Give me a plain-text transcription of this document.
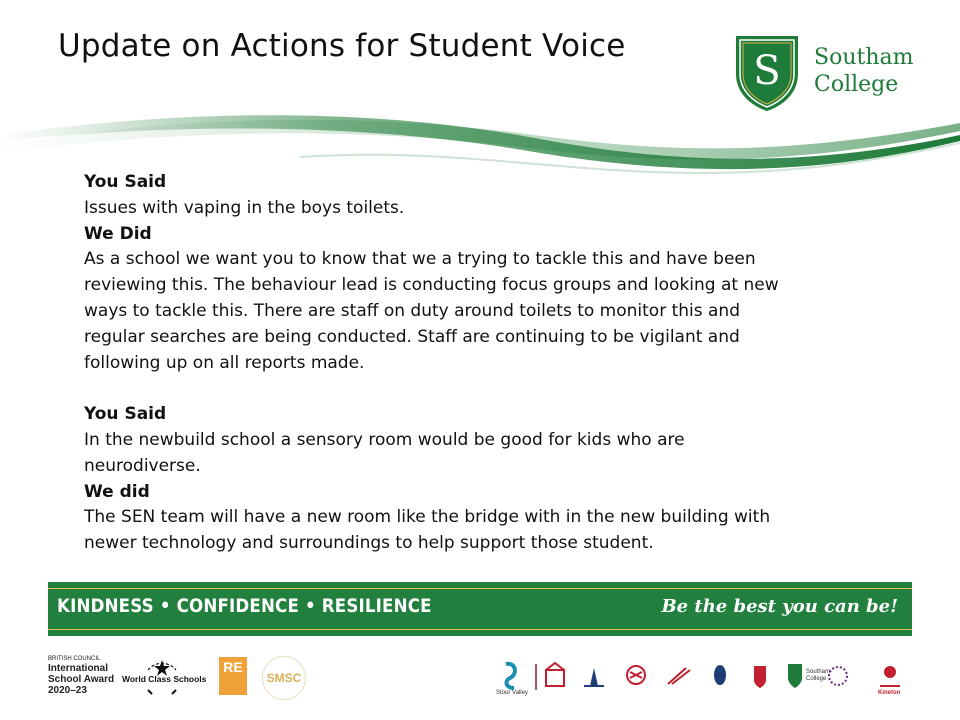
Update on Actions for Student Voice
S Southam
College

You Said

Issues with vaping in the boys toilets.

We Did

As a school we want you to know that we a trying to tackle this and have been

reviewing this. The behaviour lead is conducting focus groups and looking at new

ways to tackle this. There are staff on duty around toilets to monitor this and

regular searches are being conducted. Staff are continuing to be vigilant and

following up on all reports made.

You Said

In the newbuild school a sensory room would be good for kids who are

neurodiverse.

We did

The SEN team will have a new room like the bridge with in the new building with

newer technology and surroundings to help support those student.

KINDNESS • CONFIDENCE • RESILIENCE	Be the best you can be!
BRITISH COUNCIL
International
School Award
2020–23
World Class Schools
RE
SMSC
Stour Valley
Southam
College
Kineton
